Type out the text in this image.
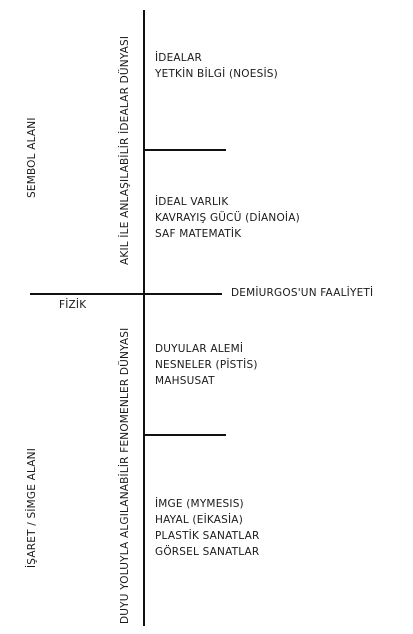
SEMBOL ALANI
İŞARET / SİMGE ALANI
AKIL İLE ANLAŞILABİLİR İDEALAR DÜNYASI
DUYU YOLUYLA ALGILANABİLİR FENOMENLER DÜNYASI
FİZİK
DEMİURGOS'UN FAALİYETİ
İDEALAR
YETKİN BİLGİ (NOESİS)
İDEAL VARLIK
KAVRAYIŞ GÜCÜ (DİANOİA)
SAF MATEMATİK
DUYULAR ALEMİ
NESNELER (PİSTİS)
MAHSUSAT
İMGE (MYMESIS)
HAYAL (EİKASİA)
PLASTİK SANATLAR
GÖRSEL SANATLAR
